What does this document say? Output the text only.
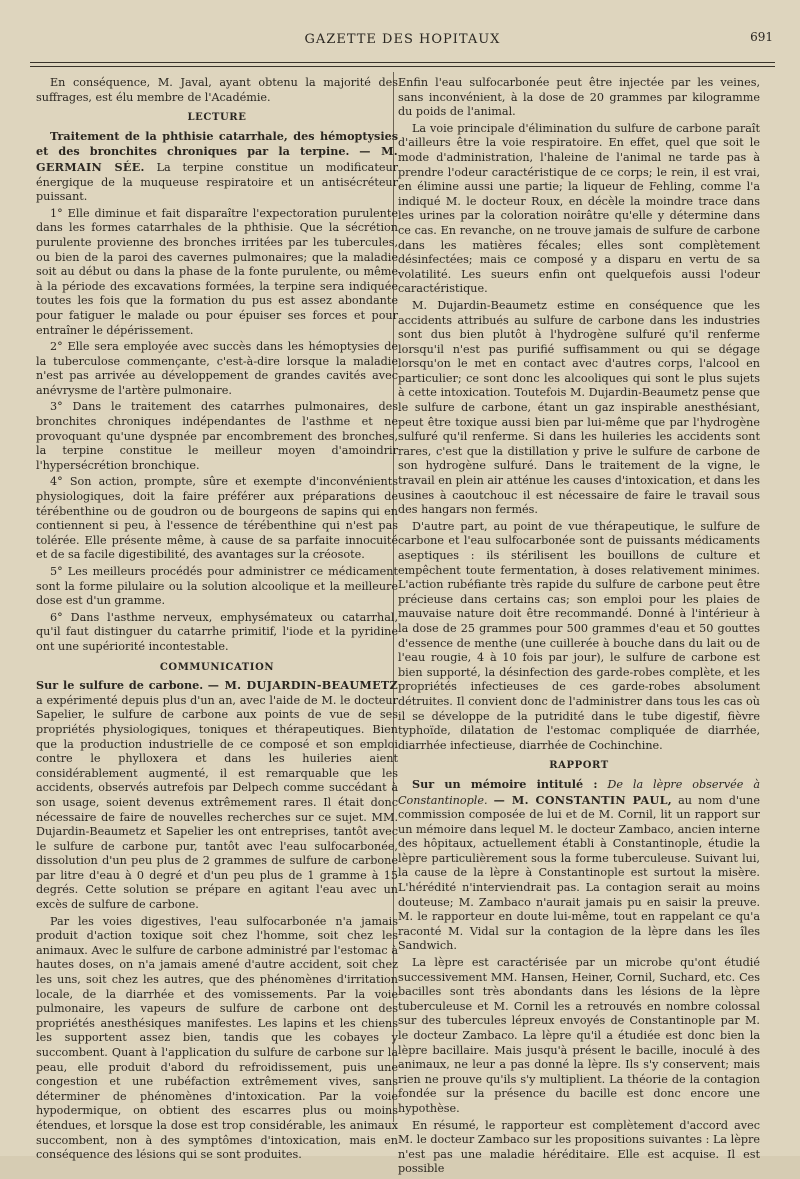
GAZETTE DES HOPITAUX	691

En conséquence, M. Javal, ayant obtenu la majorité des suffrages, est élu membre de l'Académie.

LECTURE

Traitement de la phthisie catarrhale, des hémoptysies et des bronchites chroniques par la terpine. — M. GERMAIN SÉE. La terpine constitue un modificateur énergique de la muqueuse respiratoire et un antisécréteur puissant.

1° Elle diminue et fait disparaître l'expectoration purulente dans les formes catarrhales de la phthisie. Que la sécrétion purulente provienne des bronches irritées par les tubercules, ou bien de la paroi des cavernes pulmonaires; que la maladie soit au début ou dans la phase de la fonte purulente, ou même à la période des excavations formées, la terpine sera indiquée toutes les fois que la formation du pus est assez abondante pour fatiguer le malade ou pour épuiser ses forces et pour entraîner le dépérissement.

2° Elle sera employée avec succès dans les hémoptysies de la tuberculose commençante, c'est-à-dire lorsque la maladie n'est pas arrivée au développement de grandes cavités avec anévrysme de l'artère pulmonaire.

3° Dans le traitement des catarrhes pulmonaires, des bronchites chroniques indépendantes de l'asthme et ne provoquant qu'une dyspnée par encombrement des bronches, la terpine constitue le meilleur moyen d'amoindrir l'hypersécrétion bronchique.

4° Son action, prompte, sûre et exempte d'inconvénients physiologiques, doit la faire préférer aux préparations de térébenthine ou de goudron ou de bourgeons de sapins qui en contiennent si peu, à l'essence de térébenthine qui n'est pas tolérée. Elle présente même, à cause de sa parfaite innocuité et de sa facile digestibilité, des avantages sur la créosote.

5° Les meilleurs procédés pour administrer ce médicament sont la forme pilulaire ou la solution alcoolique et la meilleure dose est d'un gramme.

6° Dans l'asthme nerveux, emphysémateux ou catarrhal, qu'il faut distinguer du catarrhe primitif, l'iode et la pyridine ont une supériorité incontestable.

COMMUNICATION

Sur le sulfure de carbone. — M. DUJARDIN-BEAUMETZ a expérimenté depuis plus d'un an, avec l'aide de M. le docteur Sapelier, le sulfure de carbone aux points de vue de ses propriétés physiologiques, toniques et thérapeutiques. Bien que la production industrielle de ce composé et son emploi contre le phylloxera et dans les huileries aient considérablement augmenté, il est remarquable que les accidents, observés autrefois par Delpech comme succédant à son usage, soient devenus extrêmement rares. Il était donc nécessaire de faire de nouvelles recherches sur ce sujet. MM. Dujardin-Beaumetz et Sapelier les ont entreprises, tantôt avec le sulfure de carbone pur, tantôt avec l'eau sulfocarbonée, dissolution d'un peu plus de 2 grammes de sulfure de carbone par litre d'eau à 0 degré et d'un peu plus de 1 gramme à 15 degrés. Cette solution se prépare en agitant l'eau avec un excès de sulfure de carbone.

Par les voies digestives, l'eau sulfocarbonée n'a jamais produit d'action toxique soit chez l'homme, soit chez les animaux. Avec le sulfure de carbone administré par l'estomac à hautes doses, on n'a jamais amené d'autre accident, soit chez les uns, soit chez les autres, que des phénomènes d'irritation locale, de la diarrhée et des vomissements. Par la voie pulmonaire, les vapeurs de sulfure de carbone ont des propriétés anesthésiques manifestes. Les lapins et les chiens les supportent assez bien, tandis que les cobayes y succombent. Quant à l'application du sulfure de carbone sur la peau, elle produit d'abord du refroidissement, puis une congestion et une rubéfaction extrêmement vives, sans déterminer de phénomènes d'intoxication. Par la voie hypodermique, on obtient des escarres plus ou moins étendues, et lorsque la dose est trop considérable, les animaux succombent, non à des symptômes d'intoxication, mais en conséquence des lésions qui se sont produites.

Enfin l'eau sulfocarbonée peut être injectée par les veines, sans inconvénient, à la dose de 20 grammes par kilogramme du poids de l'animal.

La voie principale d'élimination du sulfure de carbone paraît d'ailleurs être la voie respiratoire. En effet, quel que soit le mode d'administration, l'haleine de l'animal ne tarde pas à prendre l'odeur caractéristique de ce corps; le rein, il est vrai, en élimine aussi une partie; la liqueur de Fehling, comme l'a indiqué M. le docteur Roux, en décèle la moindre trace dans les urines par la coloration noirâtre qu'elle y détermine dans ce cas. En revanche, on ne trouve jamais de sulfure de carbone dans les matières fécales; elles sont complètement désinfectées; mais ce composé y a disparu en vertu de sa volatilité. Les sueurs enfin ont quelquefois aussi l'odeur caractéristique.

M. Dujardin-Beaumetz estime en conséquence que les accidents attribués au sulfure de carbone dans les industries sont dus bien plutôt à l'hydrogène sulfuré qu'il renferme lorsqu'il n'est pas purifié suffisamment ou qui se dégage lorsqu'on le met en contact avec d'autres corps, l'alcool en particulier; ce sont donc les alcooliques qui sont le plus sujets à cette intoxication. Toutefois M. Dujardin-Beaumetz pense que le sulfure de carbone, étant un gaz inspirable anesthésiant, peut être toxique aussi bien par lui-même que par l'hydrogène sulfuré qu'il renferme. Si dans les huileries les accidents sont rares, c'est que la distillation y prive le sulfure de carbone de son hydrogène sulfuré. Dans le traitement de la vigne, le travail en plein air atténue les causes d'intoxication, et dans les usines à caoutchouc il est nécessaire de faire le travail sous des hangars non fermés.

D'autre part, au point de vue thérapeutique, le sulfure de carbone et l'eau sulfocarbonée sont de puissants médicaments aseptiques : ils stérilisent les bouillons de culture et empêchent toute fermentation, à doses relativement minimes. L'action rubéfiante très rapide du sulfure de carbone peut être précieuse dans certains cas; son emploi pour les plaies de mauvaise nature doit être recommandé. Donné à l'intérieur à la dose de 25 grammes pour 500 grammes d'eau et 50 gouttes d'essence de menthe (une cuillerée à bouche dans du lait ou de l'eau rougie, 4 à 10 fois par jour), le sulfure de carbone est bien supporté, la désinfection des garde-robes complète, et les propriétés infectieuses de ces garde-robes absolument détruites. Il convient donc de l'administrer dans tous les cas où il se développe de la putridité dans le tube digestif, fièvre typhoïde, dilatation de l'estomac compliquée de diarrhée, diarrhée infectieuse, diarrhée de Cochinchine.

RAPPORT

Sur un mémoire intitulé : De la lèpre observée à Constantinople. — M. CONSTANTIN PAUL, au nom d'une commission composée de lui et de M. Cornil, lit un rapport sur un mémoire dans lequel M. le docteur Zambaco, ancien interne des hôpitaux, actuellement établi à Constantinople, étudie la lèpre particulièrement sous la forme tuberculeuse. Suivant lui, la cause de la lèpre à Constantinople est surtout la misère. L'hérédité n'interviendrait pas. La contagion serait au moins douteuse; M. Zambaco n'aurait jamais pu en saisir la preuve. M. le rapporteur en doute lui-même, tout en rappelant ce qu'a raconté M. Vidal sur la contagion de la lèpre dans les îles Sandwich.

La lèpre est caractérisée par un microbe qu'ont étudié successivement MM. Hansen, Heiner, Cornil, Suchard, etc. Ces bacilles sont très abondants dans les lésions de la lèpre tuberculeuse et M. Cornil les a retrouvés en nombre colossal sur des tubercules lépreux envoyés de Constantinople par M. le docteur Zambaco. La lèpre qu'il a étudiée est donc bien la lèpre bacillaire. Mais jusqu'à présent le bacille, inoculé à des animaux, ne leur a pas donné la lèpre. Ils s'y conservent; mais rien ne prouve qu'ils s'y multiplient. La théorie de la contagion fondée sur la présence du bacille est donc encore une hypothèse.

En résumé, le rapporteur est complètement d'accord avec M. le docteur Zambaco sur les propositions suivantes : La lèpre n'est pas une maladie héréditaire. Elle est acquise. Il est possible
